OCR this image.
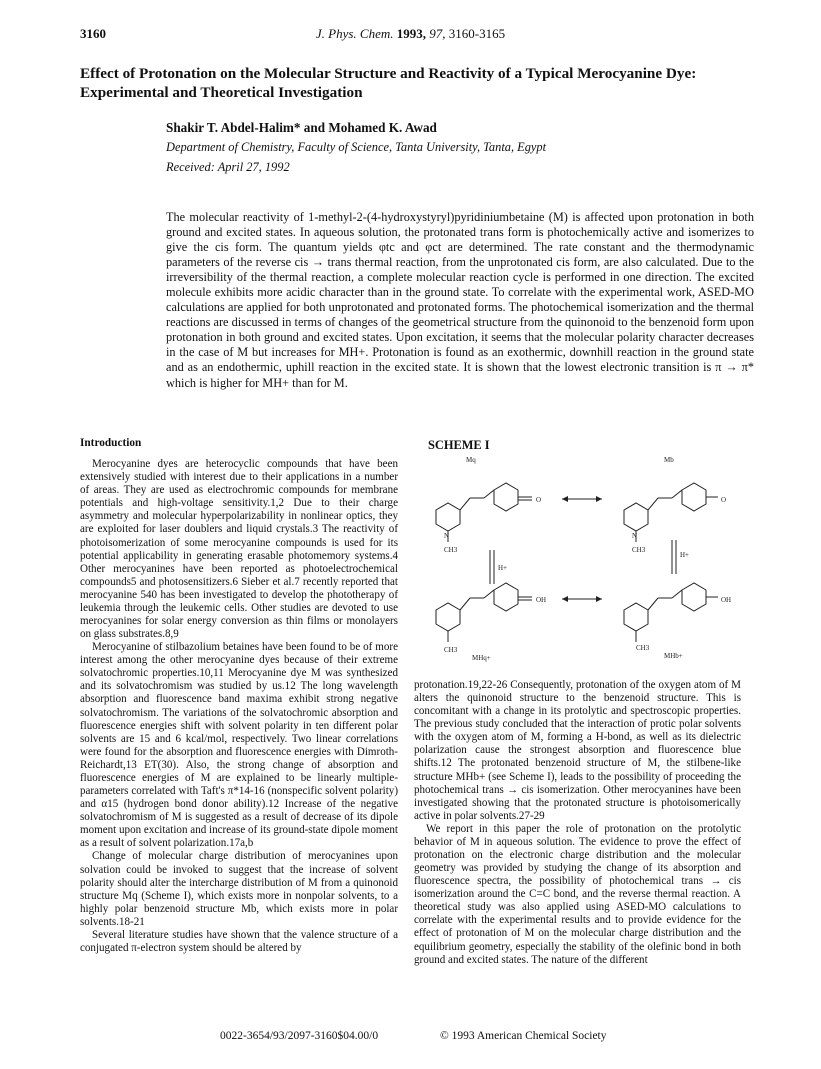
3160	J. Phys. Chem. 1993, 97, 3160-3165
Effect of Protonation on the Molecular Structure and Reactivity of a Typical Merocyanine Dye: Experimental and Theoretical Investigation
Shakir T. Abdel-Halim* and Mohamed K. Awad
Department of Chemistry, Faculty of Science, Tanta University, Tanta, Egypt
Received: April 27, 1992
The molecular reactivity of 1-methyl-2-(4-hydroxystyryl)pyridiniumbetaine (M) is affected upon protonation in both ground and excited states. In aqueous solution, the protonated trans form is photochemically active and isomerizes to give the cis form. The quantum yields φtc and φct are determined. The rate constant and the thermodynamic parameters of the reverse cis → trans thermal reaction, from the unprotonated cis form, are also calculated. Due to the irreversibility of the thermal reaction, a complete molecular reaction cycle is performed in one direction. The excited molecule exhibits more acidic character than in the ground state. To correlate with the experimental work, ASED-MO calculations are applied for both unprotonated and protonated forms. The photochemical isomerization and the thermal reactions are discussed in terms of changes of the geometrical structure from the quinonoid to the benzenoid form upon protonation in both ground and excited states. Upon excitation, it seems that the molecular polarity character decreases in the case of M but increases for MH+. Protonation is found as an exothermic, downhill reaction in the ground state and as an endothermic, uphill reaction in the excited state. It is shown that the lowest electronic transition is π → π* which is higher for MH+ than for M.
Introduction

Merocyanine dyes are heterocyclic compounds that have been extensively studied with interest due to their applications in a number of areas. They are used as electrochromic compounds for membrane potentials and high-voltage sensitivity.1,2 Due to their charge asymmetry and molecular hyperpolarizability in nonlinear optics, they are exploited for laser doublers and liquid crystals.3 The reactivity of photoisomerization of some merocyanine compounds is used for its potential applicability in generating erasable photomemory systems.4 Other merocyanines have been reported as photoelectrochemical compounds5 and photosensitizers.6 Sieber et al.7 recently reported that merocyanine 540 has been investigated to develop the phototherapy of leukemia through the leukemic cells. Other studies are devoted to use merocyanines for solar energy conversion as thin films or monolayers on glass substrates.8,9

Merocyanine of stilbazolium betaines have been found to be of more interest among the other merocyanine dyes because of their extreme solvatochromic properties.10,11 Merocyanine dye M was synthesized and its solvatochromism was studied by us.12 The long wavelength absorption and fluorescence band maxima exhibit strong negative solvatochromism. The variations of the solvatochromic absorption and fluorescence energies shift with solvent polarity in ten different polar solvents are 15 and 6 kcal/mol, respectively. Two linear correlations were found for the absorption and fluorescence energies with Dimroth-Reichardt,13 ET(30). Also, the strong change of absorption and fluorescence energies of M are explained to be linearly multiple-parameters correlated with Taft's π*14-16 (nonspecific solvent polarity) and α15 (hydrogen bond donor ability).12 Increase of the negative solvatochromism of M is suggested as a result of decrease of its dipole moment upon excitation and increase of its ground-state dipole moment as a result of solvent polarization.17a,b

Change of molecular charge distribution of merocyanines upon solvation could be invoked to suggest that the increase of solvent polarity should alter the intercharge distribution of M from a quinonoid structure Mq (Scheme I), which exists more in nonpolar solvents, to a highly polar benzenoid structure Mb, which exists more in polar solvents.18-21

Several literature studies have shown that the valence structure of a conjugated π-electron system should be altered by

SCHEME I
Mq	Mb
O	O
N	N
CH3	CH3
H+
H+
OH	OH
CH3	CH3
MHq+	MHb+

protonation.19,22-26 Consequently, protonation of the oxygen atom of M alters the quinonoid structure to the benzenoid structure. This is concomitant with a change in its protolytic and spectroscopic properties. The previous study concluded that the interaction of protic polar solvents with the oxygen atom of M, forming a H-bond, as well as its dielectric polarization cause the strongest absorption and fluorescence blue shifts.12 The protonated benzenoid structure of M, the stilbene-like structure MHb+ (see Scheme I), leads to the possibility of proceeding the photochemical trans → cis isomerization. Other merocyanines have been investigated showing that the protonated structure is photoisomerically active in polar solvents.27-29

We report in this paper the role of protonation on the protolytic behavior of M in aqueous solution. The evidence to prove the effect of protonation on the electronic charge distribution and the molecular geometry was provided by studying the change of its absorption and fluorescence spectra, the possibility of photochemical trans → cis isomerization around the C=C bond, and the reverse thermal reaction. A theoretical study was also applied using ASED-MO calculations to correlate with the experimental results and to provide evidence for the effect of protonation of M on the molecular charge distribution and the equilibrium geometry, especially the stability of the olefinic bond in both ground and excited states. The nature of the different

0022-3654/93/2097-3160$04.00/0	© 1993 American Chemical Society
